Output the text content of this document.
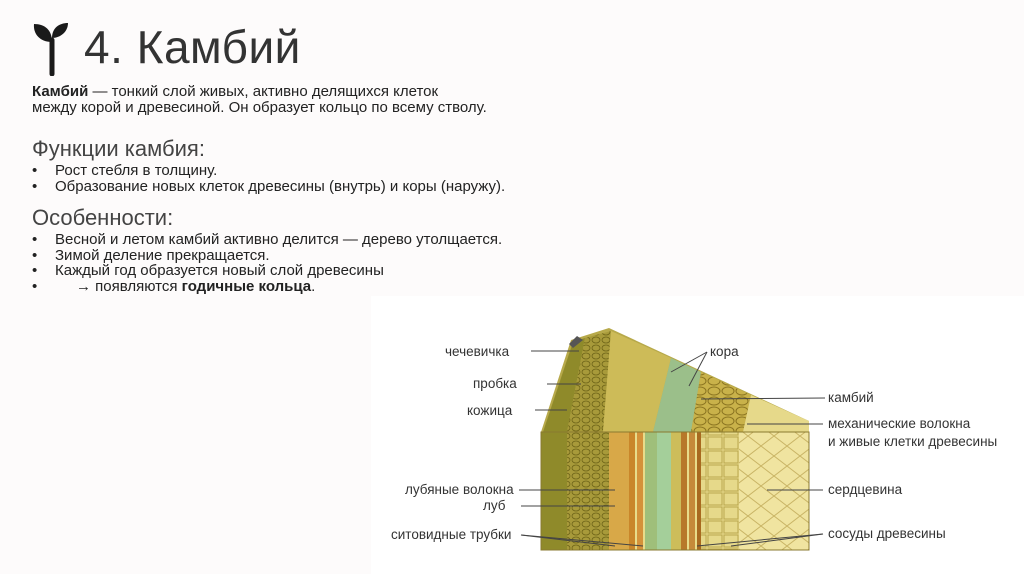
4. Камбий
Камбий — тонкий слой живых, активно делящихся клеток
между корой и древесиной. Он образует кольцо по всему стволу.
Функции камбия:
• Рост стебля в толщину.
• Образование новых клеток древесины (внутрь) и коры (наружу).
Особенности:
• Весной и летом камбий активно делится — дерево утолщается.
• Зимой деление прекращается.
• Каждый год образуется новый слой древесины
•	→ появляются годичные кольца.
чечевичка
пробка
кожица
лубяные волокна
луб
ситовидные трубки
кора
камбий
механические волокна
и живые клетки древесины
сердцевина
сосуды древесины
